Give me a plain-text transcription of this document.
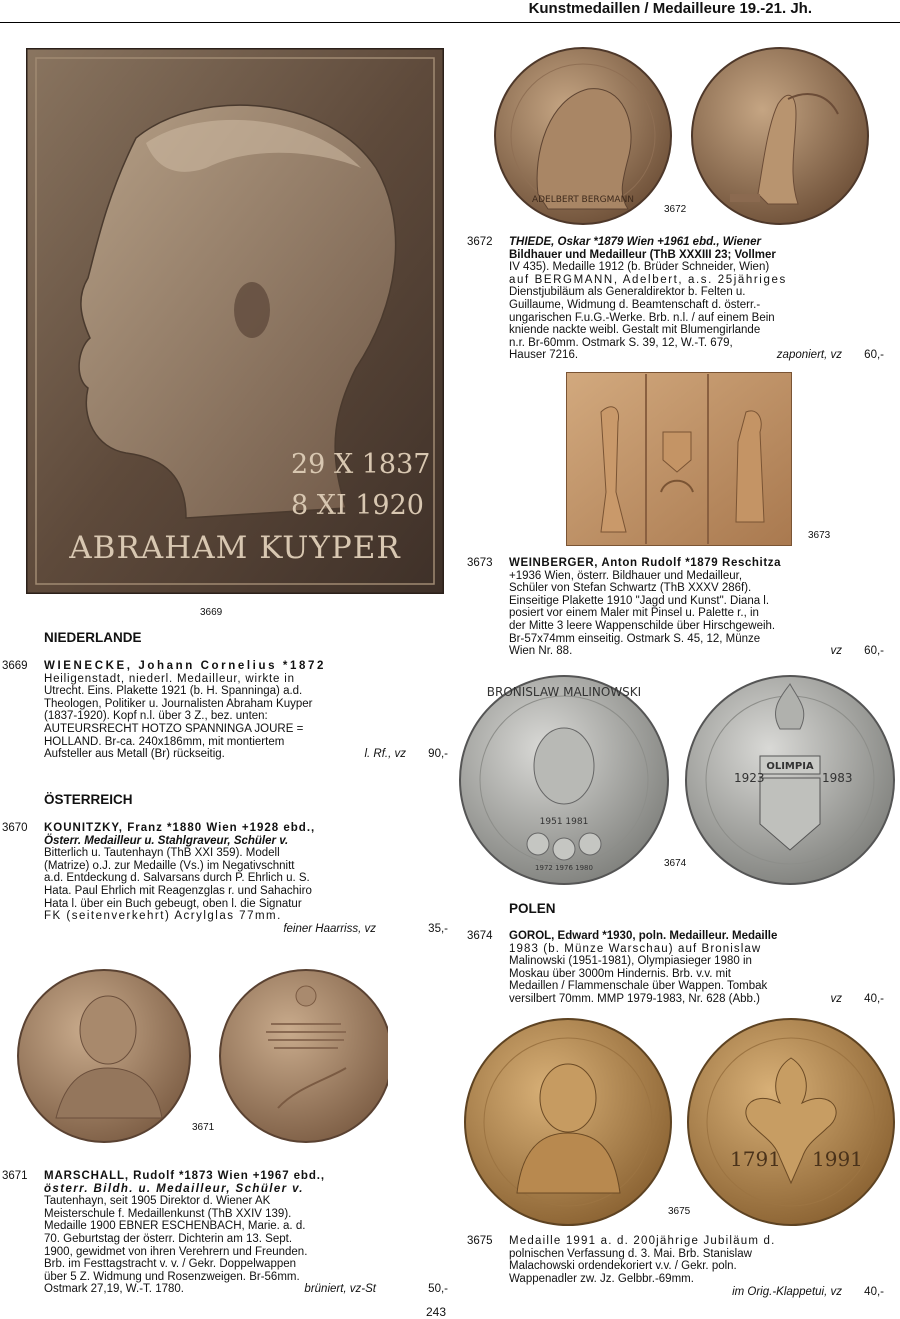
Kunstmedaillen / Medailleure 19.-21. Jh.
29 X 1837
8 XI 1920
ABRAHAM KUYPER
3669
NIEDERLANDE
3669 WIENECKE, Johann Cornelius *1872
Heiligenstadt, niederl. Medailleur, wirkte in
Utrecht. Eins. Plakette 1921 (b. H. Spanninga) a.d.
Theologen, Politiker u. Journalisten Abraham Kuyper
(1837-1920). Kopf n.l. über 3 Z., bez. unten:
AUTEURSRECHT HOTZO SPANNINGA JOURE =
HOLLAND. Br-ca. 240x186mm, mit montiertem
Aufsteller aus Metall (Br) rückseitig.	l. Rf., vz 90,-
ÖSTERREICH
3670 KOUNITZKY, Franz *1880 Wien +1928 ebd.,
Österr. Medailleur u. Stahlgraveur, Schüler v.
Bitterlich u. Tautenhayn (ThB XXI 359). Modell
(Matrize) o.J. zur Medaille (Vs.) im Negativschnitt
a.d. Entdeckung d. Salvarsans durch P. Ehrlich u. S.
Hata. Paul Ehrlich mit Reagenzglas r. und Sahachiro
Hata l. über ein Buch gebeugt, oben l. die Signatur
FK (seitenverkehrt) Acrylglas 77mm.
feiner Haarriss, vz	35,-
3671
3671 MARSCHALL, Rudolf *1873 Wien +1967 ebd.,
österr. Bildh. u. Medailleur, Schüler v.
Tautenhayn, seit 1905 Direktor d. Wiener AK
Meisterschule f. Medaillenkunst (ThB XXIV 139).
Medaille 1900 EBNER ESCHENBACH, Marie. a. d.
70. Geburtstag der österr. Dichterin am 13. Sept.
1900, gewidmet von ihren Verehrern und Freunden.
Brb. im Festtagstracht v. v. / Gekr. Doppelwappen
über 5 Z. Widmung und Rosenzweigen. Br-56mm.
Ostmark 27,19, W.-T. 1780.	brüniert, vz-St	50,-
ADELBERT BERGMANN
3672
3672 THIEDE, Oskar *1879 Wien +1961 ebd., Wiener
Bildhauer und Medailleur (ThB XXXIII 23; Vollmer
IV 435). Medaille 1912 (b. Brüder Schneider, Wien)
auf BERGMANN, Adelbert, a.s. 25jähriges
Dienstjubiläum als Generaldirektor b. Felten u.
Guillaume, Widmung d. Beamtenschaft d. österr.-
ungarischen F.u.G.-Werke. Brb. n.l. / auf einem Bein
kniende nackte weibl. Gestalt mit Blumengirlande
n.r. Br-60mm. Ostmark S. 39, 12, W.-T. 679,
Hauser 7216.	zaponiert, vz 60,-
3673
3673 WEINBERGER, Anton Rudolf *1879 Reschitza
+1936 Wien, österr. Bildhauer und Medailleur,
Schüler von Stefan Schwartz (ThB XXXV 286f).
Einseitige Plakette 1910 "Jagd und Kunst". Diana l.
posiert vor einem Maler mit Pinsel u. Palette r., in
der Mitte 3 leere Wappenschilde über Hirschgeweih.
Br-57x74mm einseitig. Ostmark S. 45, 12, Münze
Wien Nr. 88.	vz 60,-
BRONISLAW MALINOWSKI
1951 1981
1972 1976 1980
OLIMPIA
1923	1983
3674
POLEN
3674 GOROL, Edward *1930, poln. Medailleur. Medaille
1983 (b. Münze Warschau) auf Bronislaw
Malinowski (1951-1981), Olympiasieger 1980 in
Moskau über 3000m Hindernis. Brb. v.v. mit
Medaillen / Flammenschale über Wappen. Tombak
versilbert 70mm. MMP 1979-1983, Nr. 628 (Abb.)	vz 40,-
1791 1991
3675
3675 Medaille 1991 a. d. 200jährige Jubiläum d.
polnischen Verfassung d. 3. Mai. Brb. Stanislaw
Malachowski ordendekoriert v.v. / Gekr. poln.
Wappenadler zw. Jz. Gelbbr.-69mm.
im Orig.-Klappetui, vz 40,-
243
